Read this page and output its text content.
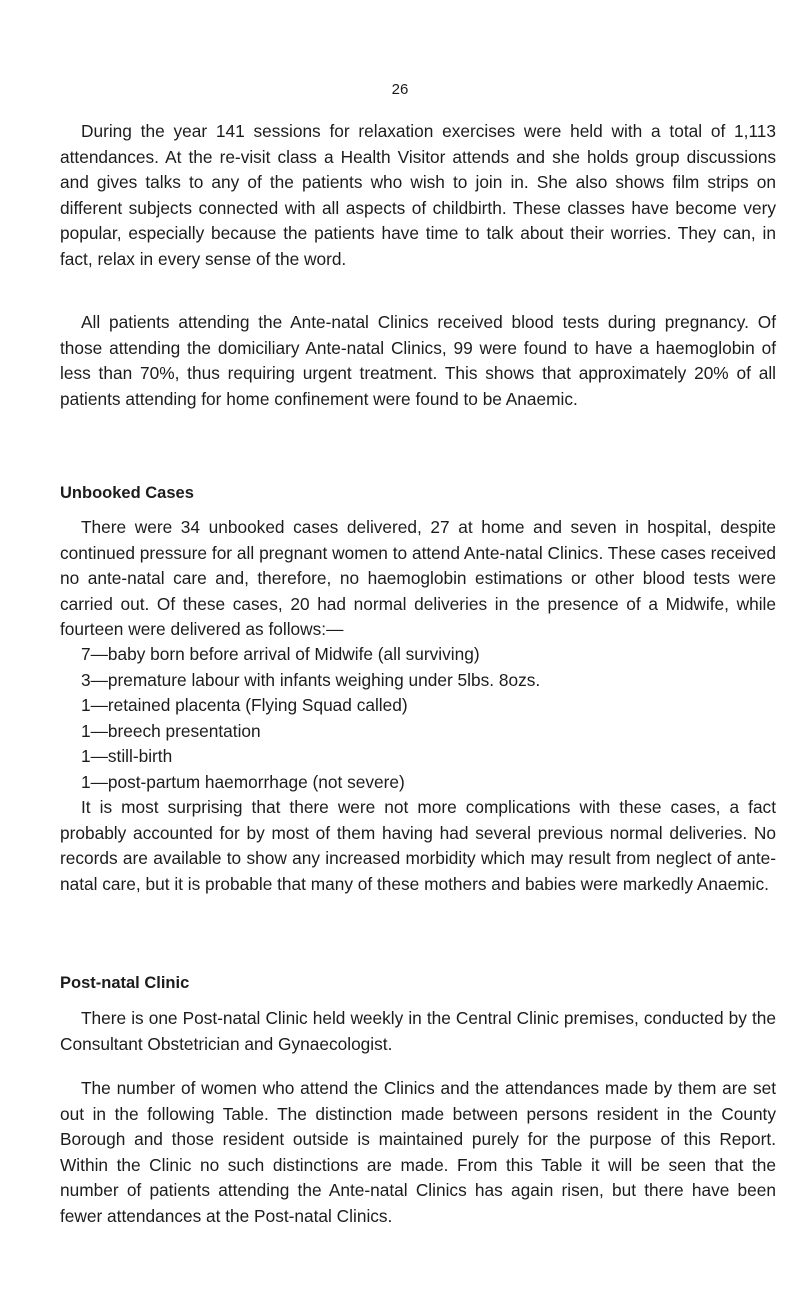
26

During the year 141 sessions for relaxation exercises were held with a total of 1,113 attendances. At the re-visit class a Health Visitor attends and she holds group discussions and gives talks to any of the patients who wish to join in. She also shows film strips on different subjects connected with all aspects of childbirth. These classes have become very popular, especially because the patients have time to talk about their worries. They can, in fact, relax in every sense of the word.

All patients attending the Ante-natal Clinics received blood tests during pregnancy. Of those attending the domiciliary Ante-natal Clinics, 99 were found to have a haemoglobin of less than 70%, thus requiring urgent treatment. This shows that approximately 20% of all patients attending for home confinement were found to be Anaemic.

Unbooked Cases

There were 34 unbooked cases delivered, 27 at home and seven in hospital, despite continued pressure for all pregnant women to attend Ante-natal Clinics. These cases received no ante-natal care and, therefore, no haemoglobin estimations or other blood tests were carried out. Of these cases, 20 had normal deliveries in the presence of a Midwife, while fourteen were delivered as follows:—

7—baby born before arrival of Midwife (all surviving)
3—premature labour with infants weighing under 5lbs. 8ozs.
1—retained placenta (Flying Squad called)
1—breech presentation
1—still-birth
1—post-partum haemorrhage (not severe)

It is most surprising that there were not more complications with these cases, a fact probably accounted for by most of them having had several previous normal deliveries. No records are available to show any increased morbidity which may result from neglect of ante-natal care, but it is probable that many of these mothers and babies were markedly Anaemic.

Post-natal Clinic

There is one Post-natal Clinic held weekly in the Central Clinic premises, conducted by the Consultant Obstetrician and Gynaecologist.

The number of women who attend the Clinics and the attendances made by them are set out in the following Table. The distinction made between persons resident in the County Borough and those resident outside is maintained purely for the purpose of this Report. Within the Clinic no such distinctions are made. From this Table it will be seen that the number of patients attending the Ante-natal Clinics has again risen, but there have been fewer attendances at the Post-natal Clinics.
